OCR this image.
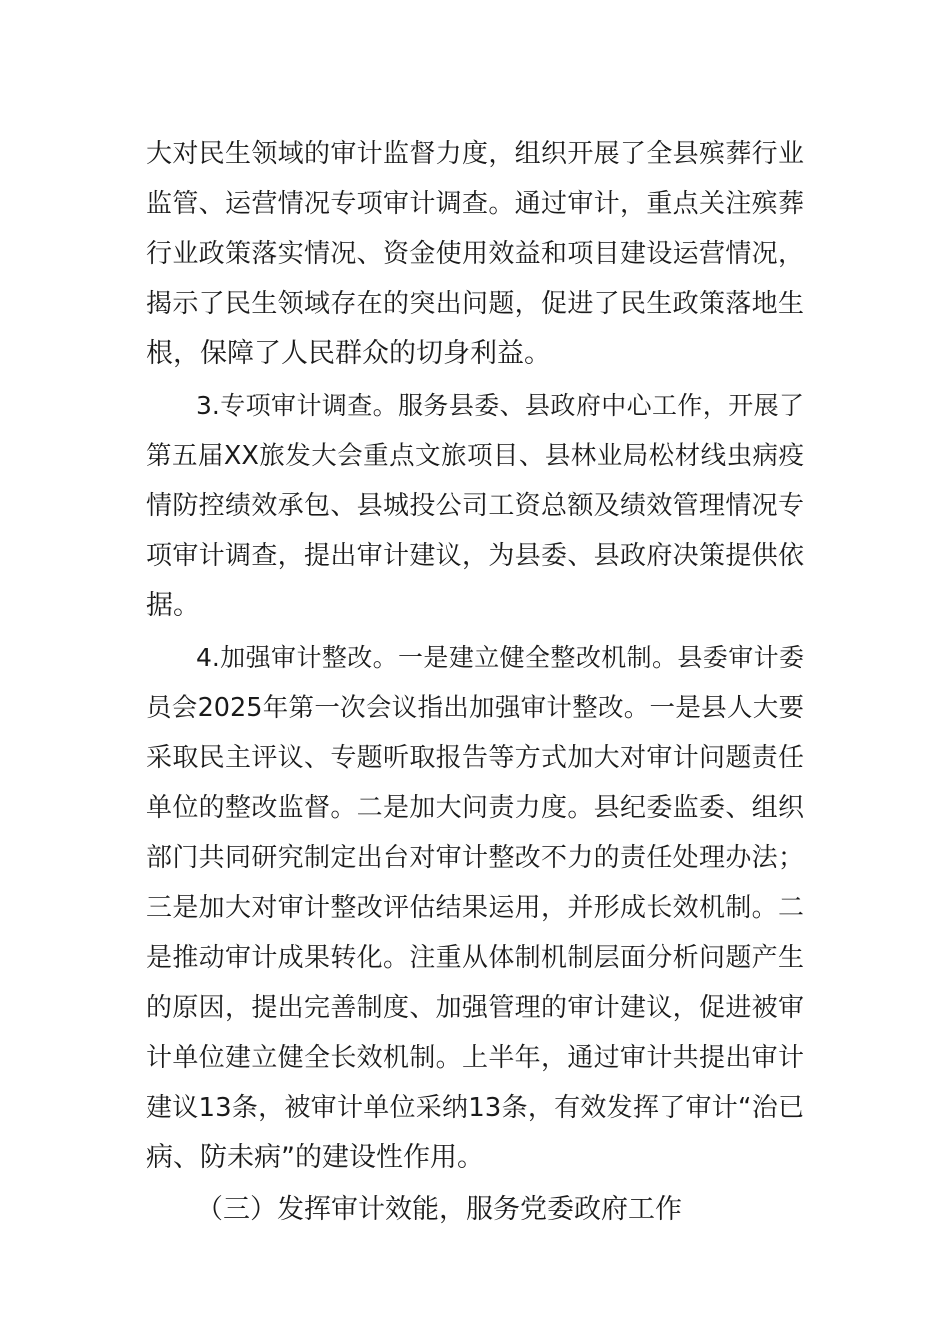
大对民生领域的审计监督力度，组织开展了全县殡葬行业
监管、运营情况专项审计调查。通过审计，重点关注殡葬
行业政策落实情况、资金使用效益和项目建设运营情况，
揭示了民生领域存在的突出问题，促进了民生政策落地生
根，保障了人民群众的切身利益。
3.专项审计调查。服务县委、县政府中心工作，开展了
第五届XX旅发大会重点文旅项目、县林业局松材线虫病疫
情防控绩效承包、县城投公司工资总额及绩效管理情况专
项审计调查，提出审计建议，为县委、县政府决策提供依
据。
4.加强审计整改。一是建立健全整改机制。县委审计委
员会2025年第一次会议指出加强审计整改。一是县人大要
采取民主评议、专题听取报告等方式加大对审计问题责任
单位的整改监督。二是加大问责力度。县纪委监委、组织
部门共同研究制定出台对审计整改不力的责任处理办法；
三是加大对审计整改评估结果运用，并形成长效机制。二
是推动审计成果转化。注重从体制机制层面分析问题产生
的原因，提出完善制度、加强管理的审计建议，促进被审
计单位建立健全长效机制。上半年，通过审计共提出审计
建议13条，被审计单位采纳13条，有效发挥了审计“治已
病、防未病”的建设性作用。
（三）发挥审计效能，服务党委政府工作
